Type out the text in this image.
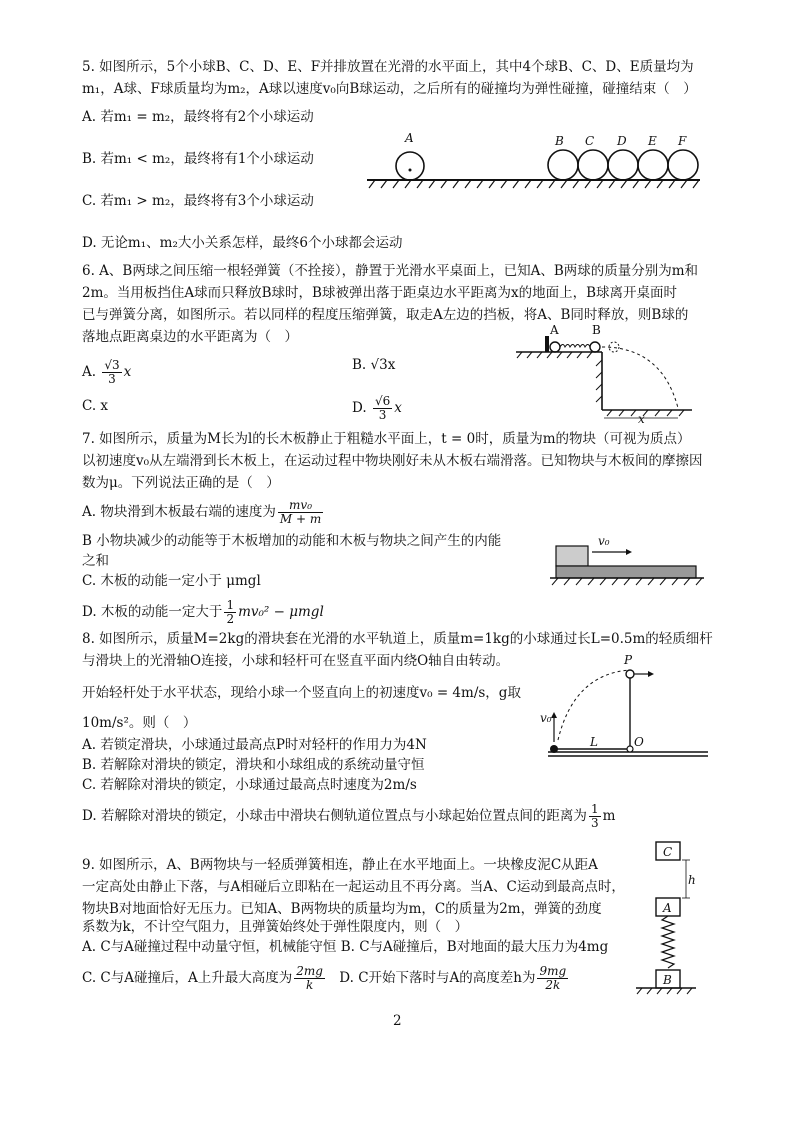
5. 如图所示，5个小球B、C、D、E、F并排放置在光滑的水平面上，其中4个球B、C、D、E质量均为
m₁，A球、F球质量均为m₂，A球以速度v₀向B球运动，之后所有的碰撞均为弹性碰撞，碰撞结束（　）
A. 若m₁ = m₂，最终将有2个小球运动
B. 若m₁ < m₂，最终将有1个小球运动
C. 若m₁ > m₂，最终将有3个小球运动
D. 无论m₁、m₂大小关系怎样，最终6个小球都会运动
A	B C D E F
6. A、B两球之间压缩一根轻弹簧（不拴接），静置于光滑水平桌面上，已知A、B两球的质量分别为m和
2m。当用板挡住A球而只释放B球时，B球被弹出落于距桌边水平距离为x的地面上，B球离开桌面时
已与弹簧分离，如图所示。若以同样的程度压缩弹簧，取走A左边的挡板，将A、B同时释放，则B球的
落地点距离桌边的水平距离为（　）
A. $\frac{√3}{3}$ x	B. √3x
C. x	D. $\frac{√6}{3}$ x
A	B
x
7. 如图所示，质量为M长为l的长木板静止于粗糙水平面上，t = 0时，质量为m的物块（可视为质点）
以初速度v₀从左端滑到长木板上，在运动过程中物块刚好未从木板右端滑落。已知物块与木板间的摩擦因
数为μ。下列说法正确的是（　）
A. 物块滑到木板最右端的速度为 $\frac{\text{mv₀}}{M + m}$
B 小物块减少的动能等于木板增加的动能和木板与物块之间产生的内能
之和
C. 木板的动能一定小于 μmgl
D. 木板的动能一定大于 $\frac{1}{2} mv_0^2 - \mu mgl$
v₀
8. 如图所示，质量M=2kg的滑块套在光滑的水平轨道上，质量m=1kg的小球通过长L=0.5m的轻质细杆
与滑块上的光滑轴O连接，小球和轻杆可在竖直平面内绕O轴自由转动。
开始轻杆处于水平状态，现给小球一个竖直向上的初速度v₀ = 4m/s，g取
10m/s²。则（　）
A. 若锁定滑块，小球通过最高点P时对轻杆的作用力为4N
B. 若解除对滑块的锁定，滑块和小球组成的系统动量守恒
C. 若解除对滑块的锁定，小球通过最高点时速度为2m/s
D. 若解除对滑块的锁定，小球击中滑块右侧轨道位置点与小球起始位置点间的距离为 $\frac{1}{3}$ m
P
L	O
v₀
9. 如图所示，A、B两物块与一轻质弹簧相连，静止在水平地面上。一块橡皮泥C从距A
一定高处由静止下落，与A相碰后立即粘在一起运动且不再分离。当A、C运动到最高点时，
物块B对地面恰好无压力。已知A、B两物块的质量均为m，C的质量为2m，弹簧的劲度
系数为k，不计空气阻力，且弹簧始终处于弹性限度内，则（　）
A. C与A碰撞过程中动量守恒，机械能守恒 B. C与A碰撞后，B对地面的最大压力为4mg
C. C与A碰撞后，A上升最大高度为 $\frac{2mg}{k} D$. C开始下落时与A的高度差h为 $\frac{9mg}{2k}$
C
h
A
B
2
